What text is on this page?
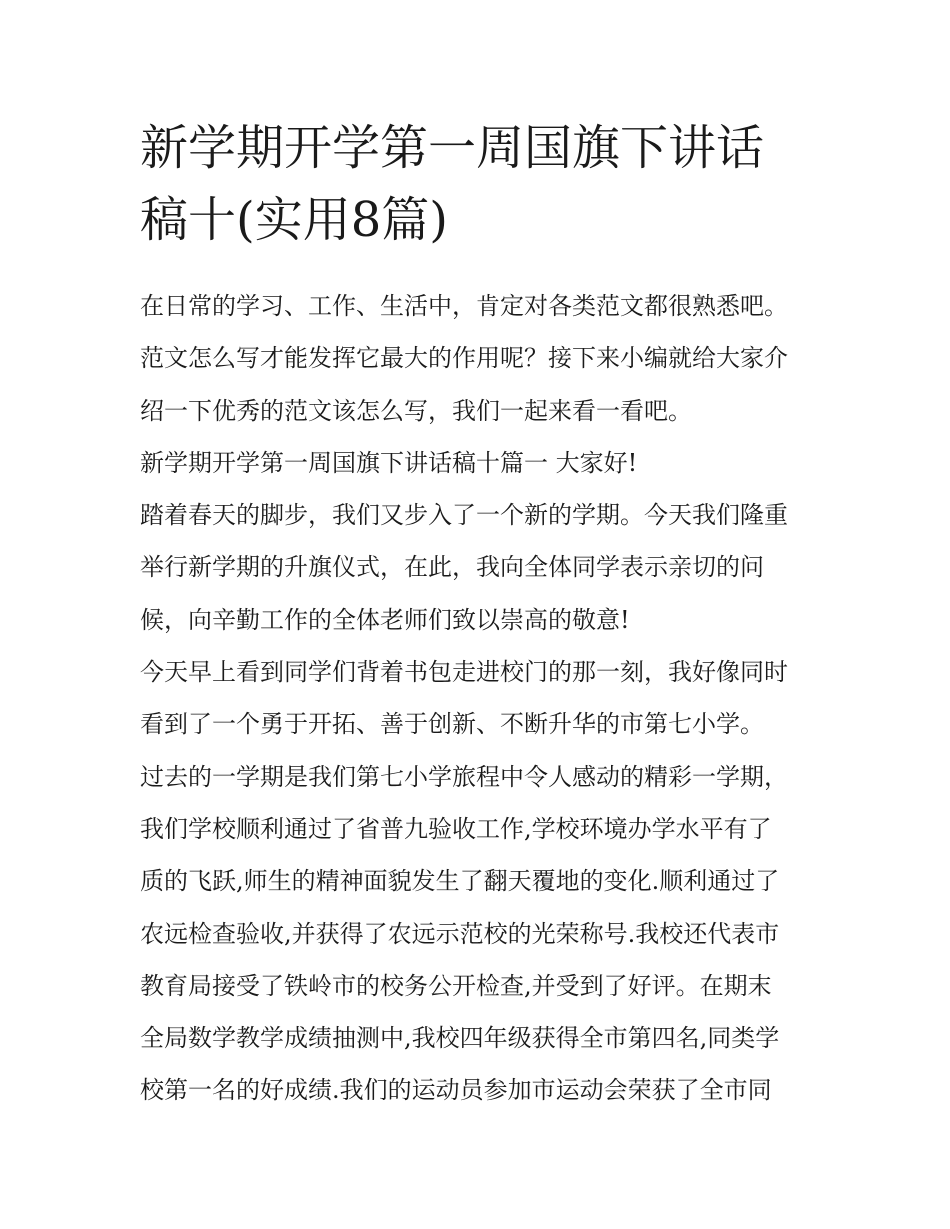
新学期开学第一周国旗下讲话
稿十(实用8篇)
在日常的学习、工作、生活中，肯定对各类范文都很熟悉吧。
范文怎么写才能发挥它最大的作用呢？接下来小编就给大家介
绍一下优秀的范文该怎么写，我们一起来看一看吧。
新学期开学第一周国旗下讲话稿十篇一 大家好!
踏着春天的脚步，我们又步入了一个新的学期。今天我们隆重
举行新学期的升旗仪式，在此，我向全体同学表示亲切的问
候，向辛勤工作的全体老师们致以崇高的敬意!
今天早上看到同学们背着书包走进校门的那一刻，我好像同时
看到了一个勇于开拓、善于创新、不断升华的市第七小学。
过去的一学期是我们第七小学旅程中令人感动的精彩一学期，
我们学校顺利通过了省普九验收工作,学校环境办学水平有了
质的飞跃,师生的精神面貌发生了翻天覆地的变化.顺利通过了
农远检查验收,并获得了农远示范校的光荣称号.我校还代表市
教育局接受了铁岭市的校务公开检查,并受到了好评。在期末
全局数学教学成绩抽测中,我校四年级获得全市第四名,同类学
校第一名的好成绩.我们的运动员参加市运动会荣获了全市同
